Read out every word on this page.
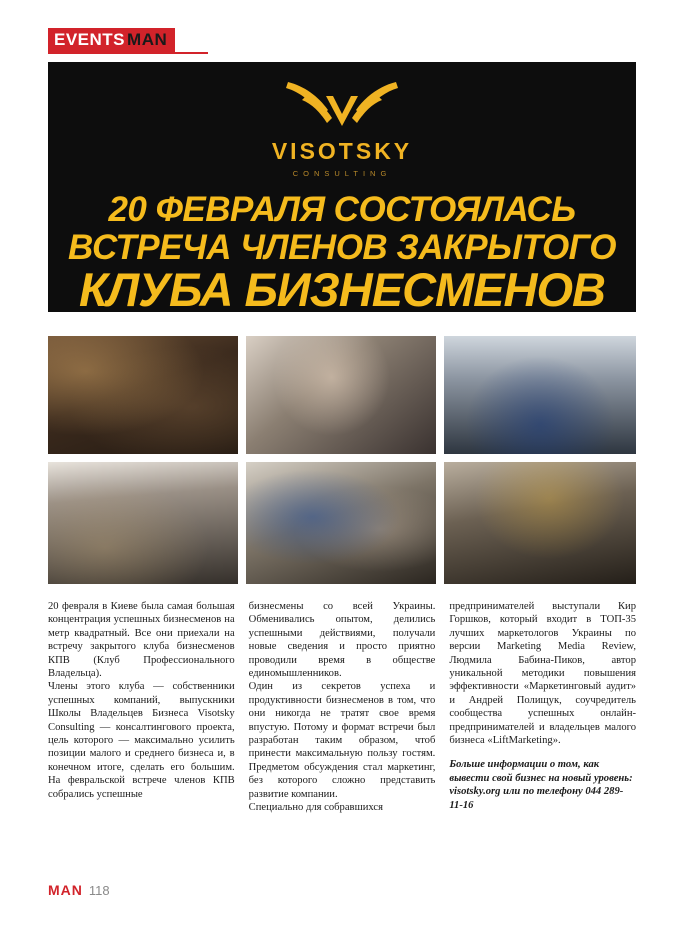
EVENTS MAN
VISOTSKY
CONSULTING
20 ФЕВРАЛЯ СОСТОЯЛАСЬ
ВСТРЕЧА ЧЛЕНОВ ЗАКРЫТОГО
КЛУБА БИЗНЕСМЕНОВ

20 февраля в Киеве была самая большая концентрация успешных бизнесменов на метр квадратный. Все они приехали на встречу закрытого клуба бизнесменов КПВ (Клуб Профессионального Владельца).

Члены этого клуба — собственники успешных компаний, выпускники Школы Владельцев Бизнеса Visotsky Consulting — консалтингового проекта, цель которого — максимально усилить позиции малого и среднего бизнеса и, в конечном итоге, сделать его большим. На февральской встрече членов КПВ собрались успешные

бизнесмены со всей Украины. Обменивались опытом, делились успешными действиями, получали новые сведения и просто приятно проводили время в обществе единомышленников.

Один из секретов успеха и продуктивности бизнесменов в том, что они никогда не тратят свое время впустую. Потому и формат встречи был разработан таким образом, чтоб принести максимальную пользу гостям. Предметом обсуждения стал маркетинг, без которого сложно представить развитие компании.

Специально для собравшихся

предпринимателей выступали Кир Горшков, который входит в ТОП-35 лучших маркетологов Украины по версии Marketing Media Review, Людмила Бабина-Пиков, автор уникальной методики повышения эффективности «Маркетинговый аудит» и Андрей Полищук, соучредитель сообщества успешных онлайн-предпринимателей и владельцев малого бизнеса «LiftMarketing».

Больше информации о том, как вывести свой бизнес на новый уровень: visotsky.org или по телефону 044 289-11-16
MAN 118
